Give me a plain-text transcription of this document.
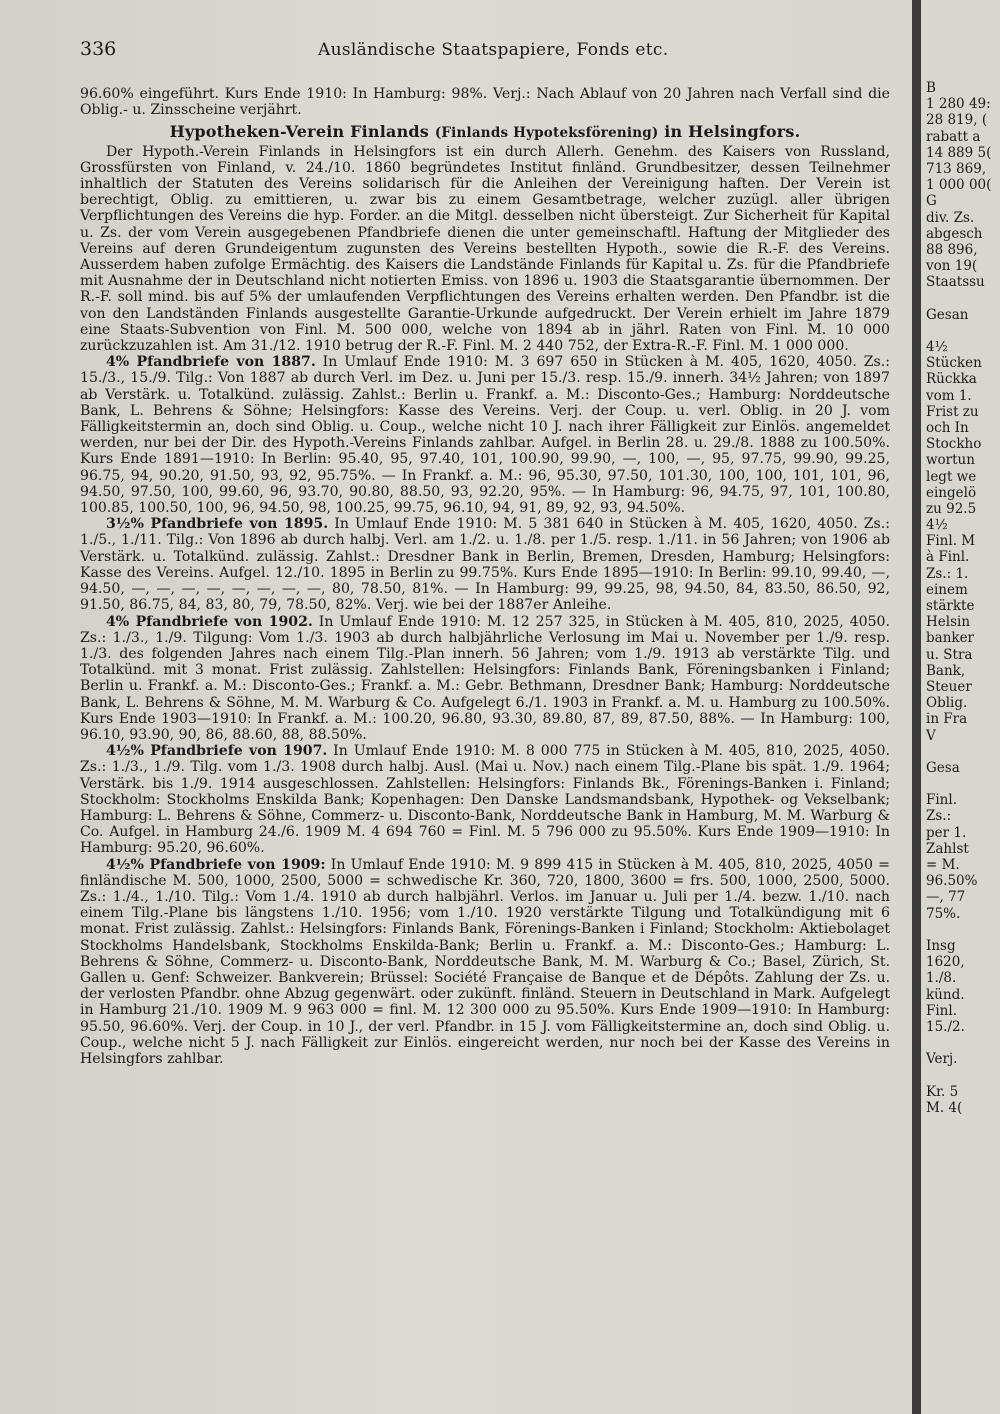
336	Ausländische Staatspapiere, Fonds etc.

96.60% eingeführt. Kurs Ende 1910: In Hamburg: 98%. Verj.: Nach Ablauf von 20 Jahren nach Verfall sind die Oblig.- u. Zinsscheine verjährt.

Hypotheken-Verein Finlands (Finlands Hypoteksförening) in Helsingfors.

Der Hypoth.-Verein Finlands in Helsingfors ist ein durch Allerh. Genehm. des Kaisers von Russland, Grossfürsten von Finland, v. 24./10. 1860 begründetes Institut finländ. Grundbesitzer, dessen Teilnehmer inhaltlich der Statuten des Vereins solidarisch für die Anleihen der Vereinigung haften. Der Verein ist berechtigt, Oblig. zu emittieren, u. zwar bis zu einem Gesamtbetrage, welcher zuzügl. aller übrigen Verpflichtungen des Vereins die hyp. Forder. an die Mitgl. desselben nicht übersteigt. Zur Sicherheit für Kapital u. Zs. der vom Verein ausgegebenen Pfandbriefe dienen die unter gemeinschaftl. Haftung der Mitglieder des Vereins auf deren Grundeigentum zugunsten des Vereins bestellten Hypoth., sowie die R.-F. des Vereins. Ausserdem haben zufolge Ermächtig. des Kaisers die Landstände Finlands für Kapital u. Zs. für die Pfandbriefe mit Ausnahme der in Deutschland nicht notierten Emiss. von 1896 u. 1903 die Staatsgarantie übernommen. Der R.-F. soll mind. bis auf 5% der umlaufenden Verpflichtungen des Vereins erhalten werden. Den Pfandbr. ist die von den Landständen Finlands ausgestellte Garantie-Urkunde aufgedruckt. Der Verein erhielt im Jahre 1879 eine Staats-Subvention von Finl. M. 500 000, welche von 1894 ab in jährl. Raten von Finl. M. 10 000 zurückzuzahlen ist. Am 31./12. 1910 betrug der R.-F. Finl. M. 2 440 752, der Extra-R.-F. Finl. M. 1 000 000.

4% Pfandbriefe von 1887. In Umlauf Ende 1910: M. 3 697 650 in Stücken à M. 405, 1620, 4050. Zs.: 15./3., 15./9. Tilg.: Von 1887 ab durch Verl. im Dez. u. Juni per 15./3. resp. 15./9. innerh. 34½ Jahren; von 1897 ab Verstärk. u. Totalkünd. zulässig. Zahlst.: Berlin u. Frankf. a. M.: Disconto-Ges.; Hamburg: Norddeutsche Bank, L. Behrens & Söhne; Helsingfors: Kasse des Vereins. Verj. der Coup. u. verl. Oblig. in 20 J. vom Fälligkeitstermin an, doch sind Oblig. u. Coup., welche nicht 10 J. nach ihrer Fälligkeit zur Einlös. angemeldet werden, nur bei der Dir. des Hypoth.-Vereins Finlands zahlbar. Aufgel. in Berlin 28. u. 29./8. 1888 zu 100.50%. Kurs Ende 1891—1910: In Berlin: 95.40, 95, 97.40, 101, 100.90, 99.90, —, 100, —, 95, 97.75, 99.90, 99.25, 96.75, 94, 90.20, 91.50, 93, 92, 95.75%. — In Frankf. a. M.: 96, 95.30, 97.50, 101.30, 100, 100, 101, 101, 96, 94.50, 97.50, 100, 99.60, 96, 93.70, 90.80, 88.50, 93, 92.20, 95%. — In Hamburg: 96, 94.75, 97, 101, 100.80, 100.85, 100.50, 100, 96, 94.50, 98, 100.25, 99.75, 96.10, 94, 91, 89, 92, 93, 94.50%.

3½% Pfandbriefe von 1895. In Umlauf Ende 1910: M. 5 381 640 in Stücken à M. 405, 1620, 4050. Zs.: 1./5., 1./11. Tilg.: Von 1896 ab durch halbj. Verl. am 1./2. u. 1./8. per 1./5. resp. 1./11. in 56 Jahren; von 1906 ab Verstärk. u. Totalkünd. zulässig. Zahlst.: Dresdner Bank in Berlin, Bremen, Dresden, Hamburg; Helsingfors: Kasse des Vereins. Aufgel. 12./10. 1895 in Berlin zu 99.75%. Kurs Ende 1895—1910: In Berlin: 99.10, 99.40, —, 94.50, —, —, —, —, —, —, —, —, 80, 78.50, 81%. — In Hamburg: 99, 99.25, 98, 94.50, 84, 83.50, 86.50, 92, 91.50, 86.75, 84, 83, 80, 79, 78.50, 82%. Verj. wie bei der 1887er Anleihe.

4% Pfandbriefe von 1902. In Umlauf Ende 1910: M. 12 257 325, in Stücken à M. 405, 810, 2025, 4050. Zs.: 1./3., 1./9. Tilgung: Vom 1./3. 1903 ab durch halbjährliche Verlosung im Mai u. November per 1./9. resp. 1./3. des folgenden Jahres nach einem Tilg.-Plan innerh. 56 Jahren; vom 1./9. 1913 ab verstärkte Tilg. und Totalkünd. mit 3 monat. Frist zulässig. Zahlstellen: Helsingfors: Finlands Bank, Föreningsbanken i Finland; Berlin u. Frankf. a. M.: Disconto-Ges.; Frankf. a. M.: Gebr. Bethmann, Dresdner Bank; Hamburg: Norddeutsche Bank, L. Behrens & Söhne, M. M. Warburg & Co. Aufgelegt 6./1. 1903 in Frankf. a. M. u. Hamburg zu 100.50%. Kurs Ende 1903—1910: In Frankf. a. M.: 100.20, 96.80, 93.30, 89.80, 87, 89, 87.50, 88%. — In Hamburg: 100, 96.10, 93.90, 90, 86, 88.60, 88, 88.50%.

4½% Pfandbriefe von 1907. In Umlauf Ende 1910: M. 8 000 775 in Stücken à M. 405, 810, 2025, 4050. Zs.: 1./3., 1./9. Tilg. vom 1./3. 1908 durch halbj. Ausl. (Mai u. Nov.) nach einem Tilg.-Plane bis spät. 1./9. 1964; Verstärk. bis 1./9. 1914 ausgeschlossen. Zahlstellen: Helsingfors: Finlands Bk., Förenings-Banken i. Finland; Stockholm: Stockholms Enskilda Bank; Kopenhagen: Den Danske Landsmandsbank, Hypothek- og Vekselbank; Hamburg: L. Behrens & Söhne, Commerz- u. Disconto-Bank, Norddeutsche Bank in Hamburg, M. M. Warburg & Co. Aufgel. in Hamburg 24./6. 1909 M. 4 694 760 = Finl. M. 5 796 000 zu 95.50%. Kurs Ende 1909—1910: In Hamburg: 95.20, 96.60%.

4½% Pfandbriefe von 1909: In Umlauf Ende 1910: M. 9 899 415 in Stücken à M. 405, 810, 2025, 4050 = finländische M. 500, 1000, 2500, 5000 = schwedische Kr. 360, 720, 1800, 3600 = frs. 500, 1000, 2500, 5000. Zs.: 1./4., 1./10. Tilg.: Vom 1./4. 1910 ab durch halbjährl. Verlos. im Januar u. Juli per 1./4. bezw. 1./10. nach einem Tilg.-Plane bis längstens 1./10. 1956; vom 1./10. 1920 verstärkte Tilgung und Totalkündigung mit 6 monat. Frist zulässig. Zahlst.: Helsingfors: Finlands Bank, Förenings-Banken i Finland; Stockholm: Aktiebolaget Stockholms Handelsbank, Stockholms Enskilda-Bank; Berlin u. Frankf. a. M.: Disconto-Ges.; Hamburg: L. Behrens & Söhne, Commerz- u. Disconto-Bank, Norddeutsche Bank, M. M. Warburg & Co.; Basel, Zürich, St. Gallen u. Genf: Schweizer. Bankverein; Brüssel: Société Française de Banque et de Dépôts. Zahlung der Zs. u. der verlosten Pfandbr. ohne Abzug gegenwärt. oder zukünft. finländ. Steuern in Deutschland in Mark. Aufgelegt in Hamburg 21./10. 1909 M. 9 963 000 = finl. M. 12 300 000 zu 95.50%. Kurs Ende 1909—1910: In Hamburg: 95.50, 96.60%. Verj. der Coup. in 10 J., der verl. Pfandbr. in 15 J. vom Fälligkeitstermine an, doch sind Oblig. u. Coup., welche nicht 5 J. nach Fälligkeit zur Einlös. eingereicht werden, nur noch bei der Kasse des Vereins in Helsingfors zahlbar.

B
1 280 49:
28 819, (
rabatt a
14 889 5(
713 869,
1 000 00(
G
div. Zs.
abgesch
88 896,
von 19(
Staatssu
Gesan
4½
Stücken
Rückka
vom 1.
Frist zu
och In
Stockho
wortun
legt we
eingelö
zu 92.5
4½
Finl. M
à Finl.
Zs.: 1.
einem
stärkte
Helsin
banker
u. Stra
Bank,
Steuer
Oblig.
in Fra
V
Gesa
Finl.
Zs.:
per 1.
Zahlst
= M.
96.50%
—, 77
75%.
Insg
1620,
1./8.
künd.
Finl.
15./2.
Verj.
Kr. 5
M. 4(
